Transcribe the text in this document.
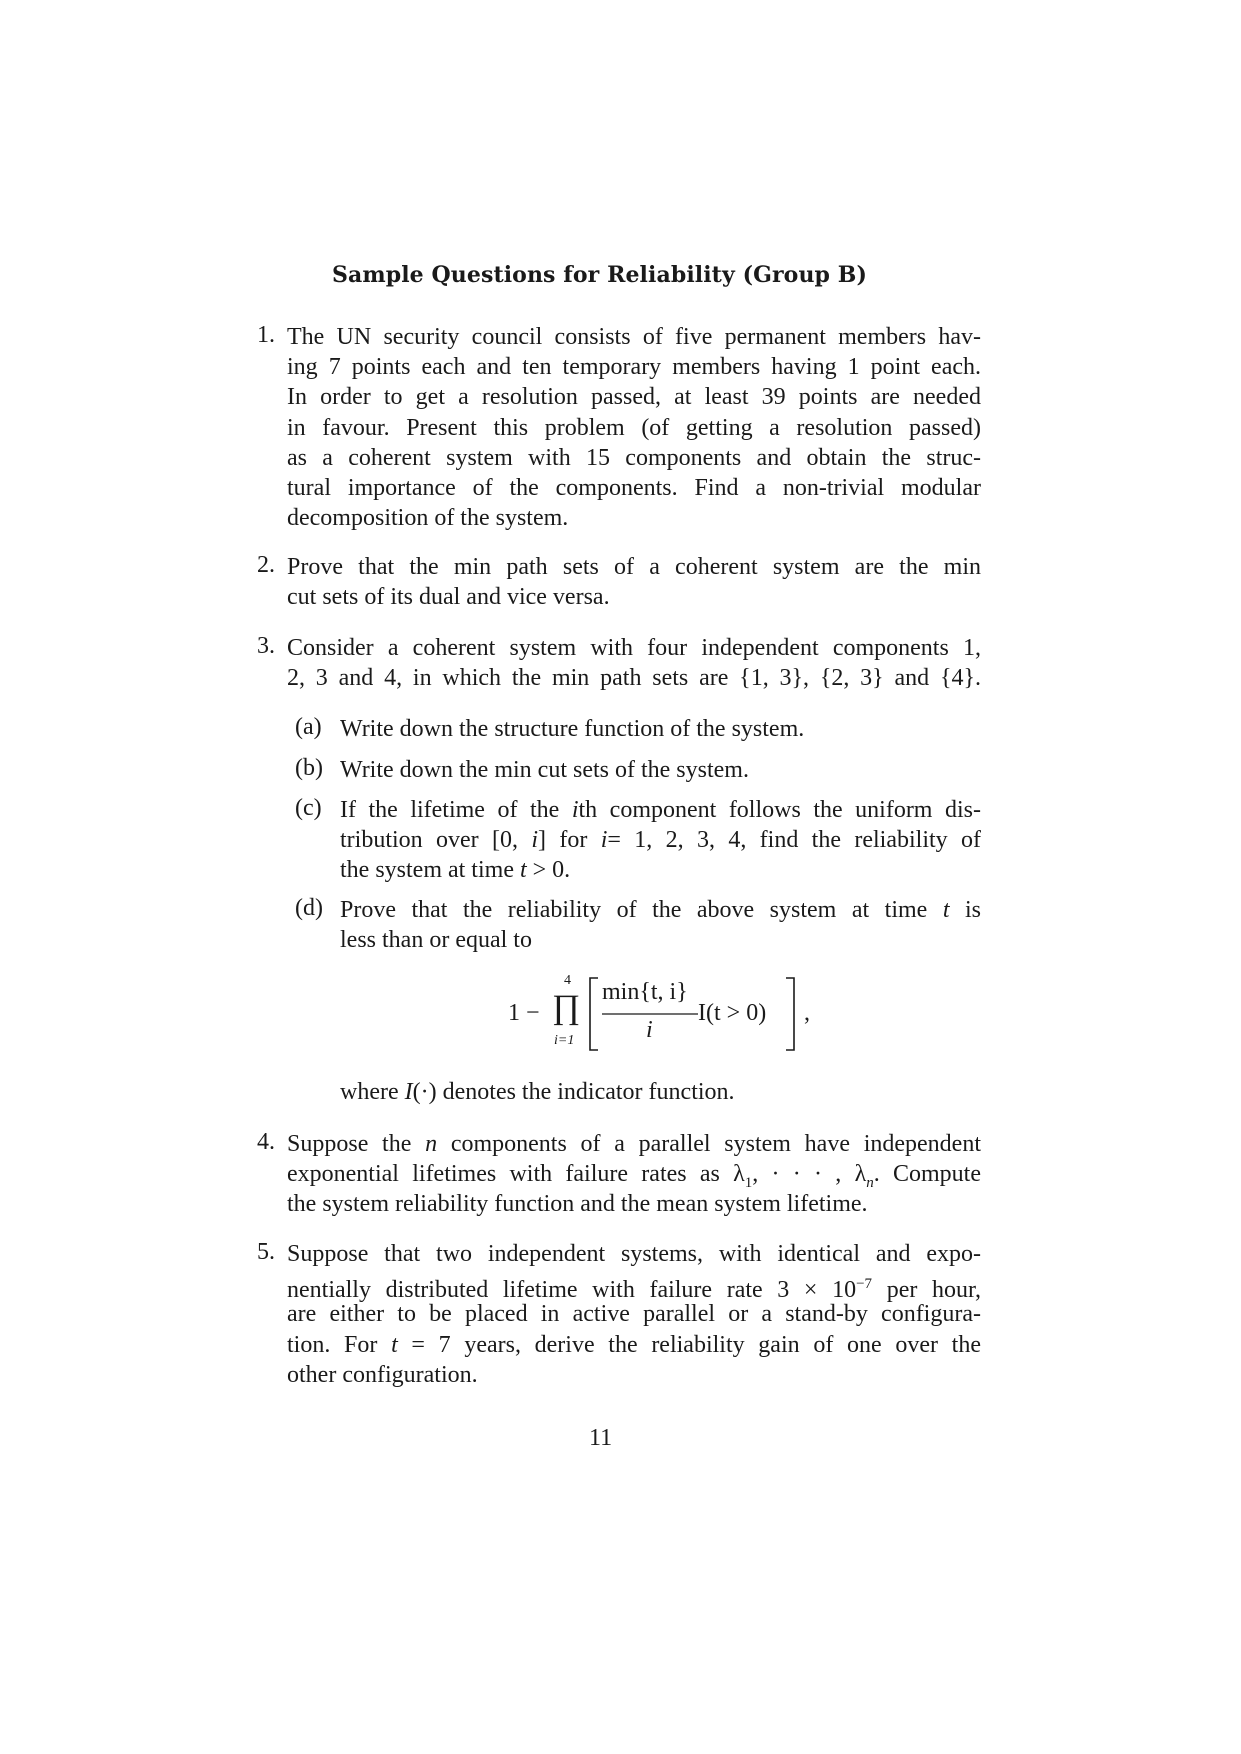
Sample Questions for Reliability (Group B)
1. The UN security council consists of five permanent members hav-
ing 7 points each and ten temporary members having 1 point each.
In order to get a resolution passed, at least 39 points are needed
in favour. Present this problem (of getting a resolution passed)
as a coherent system with 15 components and obtain the struc-
tural importance of the components. Find a non-trivial modular
decomposition of the system.
2. Prove that the min path sets of a coherent system are the min
cut sets of its dual and vice versa.
3. Consider a coherent system with four independent components 1,
2, 3 and 4, in which the min path sets are {1, 3}, {2, 3} and {4}.
(a) Write down the structure function of the system.
(b) Write down the min cut sets of the system.
(c) If the lifetime of the ith component follows the uniform dis-
tribution over [0, i] for i= 1, 2, 3, 4, find the reliability of
the system at time t > 0.
(d) Prove that the reliability of the above system at time t is
less than or equal to
1 −
4
∏
i=1
min{t, i}
i
I(t > 0) ,
where I(·) denotes the indicator function.
4. Suppose the n components of a parallel system have independent
exponential lifetimes with failure rates as $\lambda_1$, · · · , $\lambda_n$. Compute
the system reliability function and the mean system lifetime.
5. Suppose that two independent systems, with identical and expo-
nentially distributed lifetime with failure rate $3 \times 10^{-7}$ per hour,
are either to be placed in active parallel or a stand-by configura-
tion. For t = 7 years, derive the reliability gain of one over the
other configuration.
11
